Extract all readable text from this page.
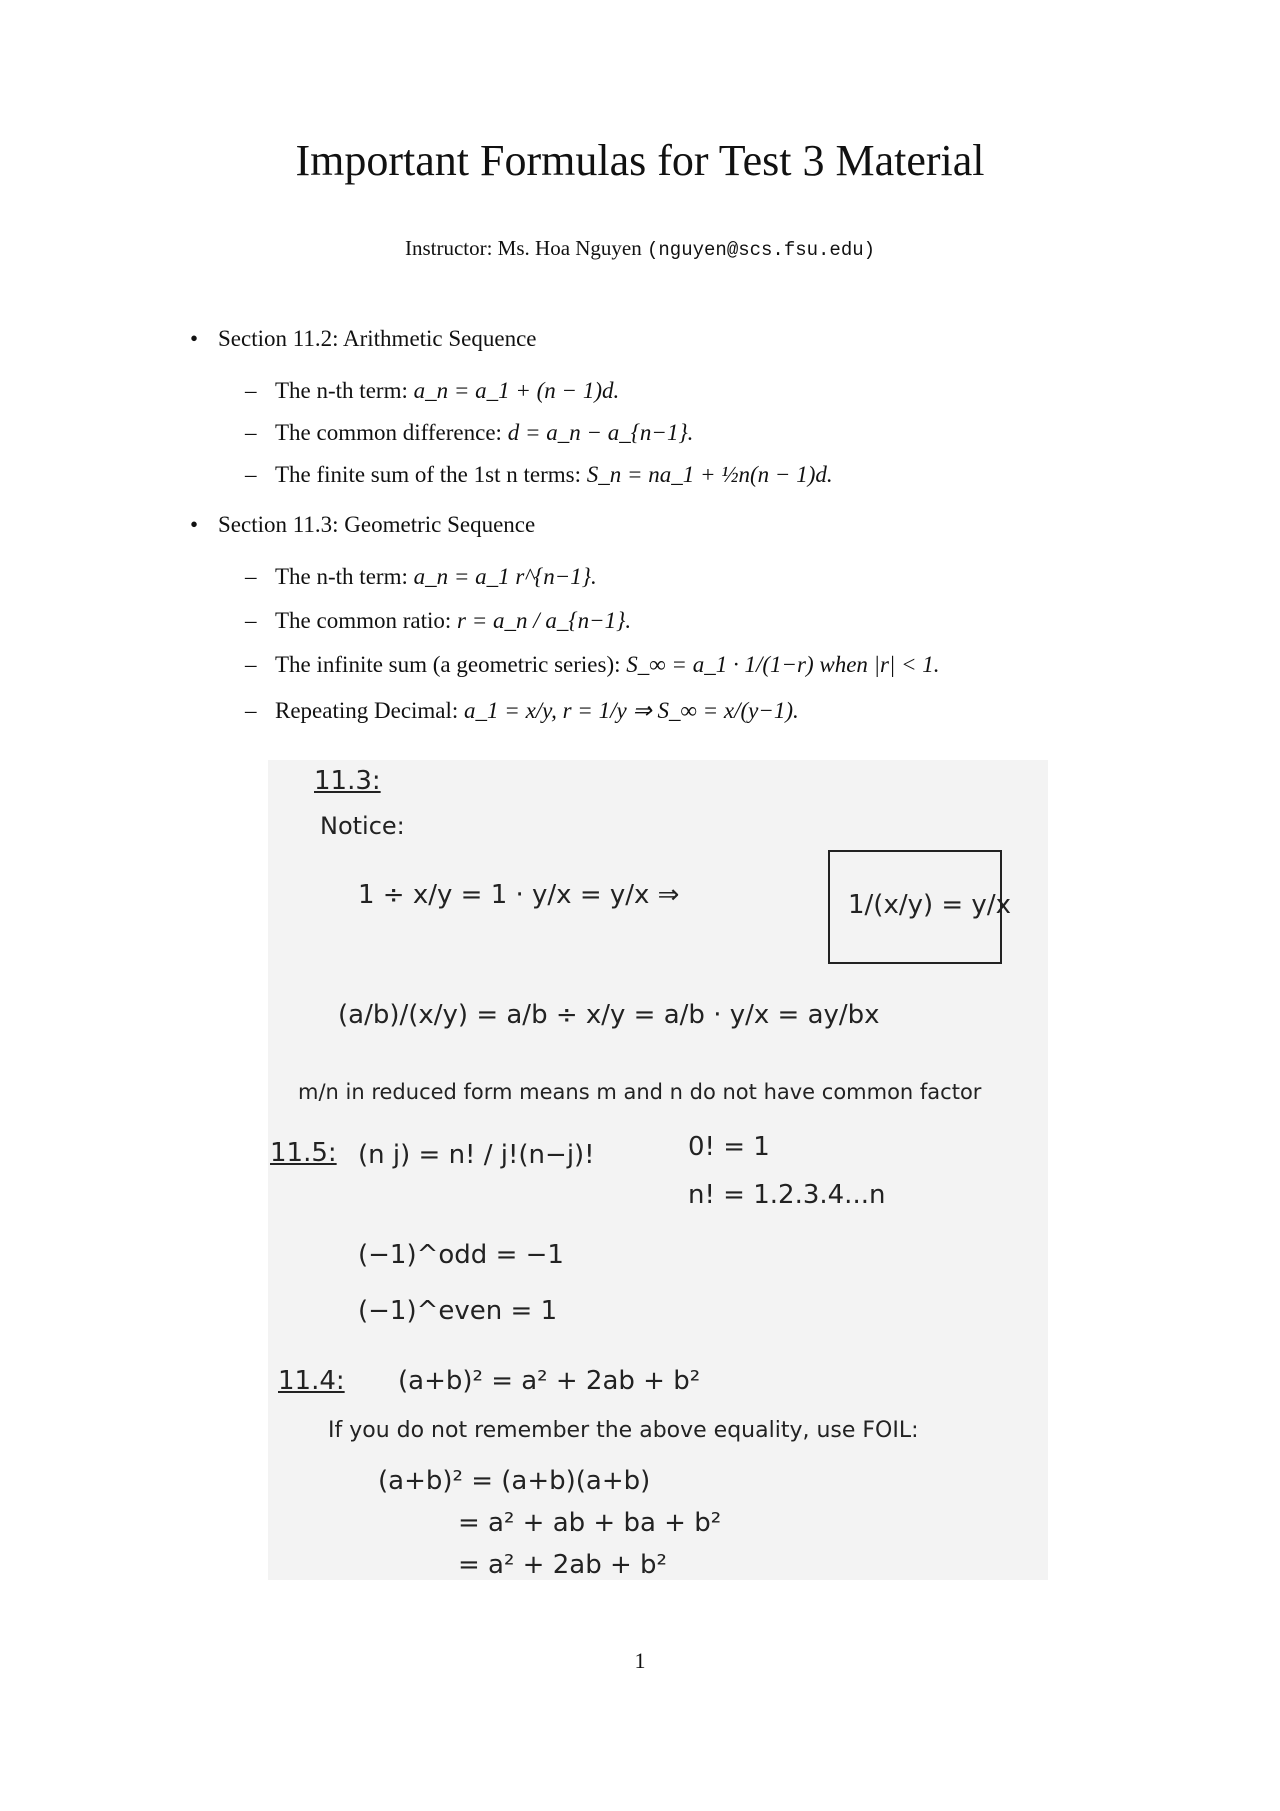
Important Formulas for Test 3 Material
Instructor: Ms. Hoa Nguyen (nguyen@scs.fsu.edu)
• Section 11.2: Arithmetic Sequence
– The n-th term: a_n = a_1 + (n − 1)d.
– The common difference: d = a_n − a_{n−1}.
– The finite sum of the 1st n terms: S_n = na_1 + ½n(n − 1)d.
• Section 11.3: Geometric Sequence
– The n-th term: a_n = a_1 r^{n−1}.
– The common ratio: r = a_n / a_{n−1}.
– The infinite sum (a geometric series): S_∞ = a_1 · 1/(1−r) when |r| < 1.
– Repeating Decimal: a_1 = x/y, r = 1/y ⇒ S_∞ = x/(y−1).
11.3:
Notice:
1 ÷ x/y = 1 · y/x = y/x ⇒	1/(x/y) = y/x
(a/b)/(x/y) = a/b ÷ x/y = a/b · y/x = ay/bx
m/n in reduced form means m and n do not have common factor
11.5: (n j) = n! / j!(n−j)!	0! = 1
n! = 1.2.3.4...n
(−1)^odd = −1
(−1)^even = 1
11.4: (a+b)² = a² + 2ab + b²
If you do not remember the above equality, use FOIL:
(a+b)² = (a+b)(a+b)
= a² + ab + ba + b²
= a² + 2ab + b²
1
